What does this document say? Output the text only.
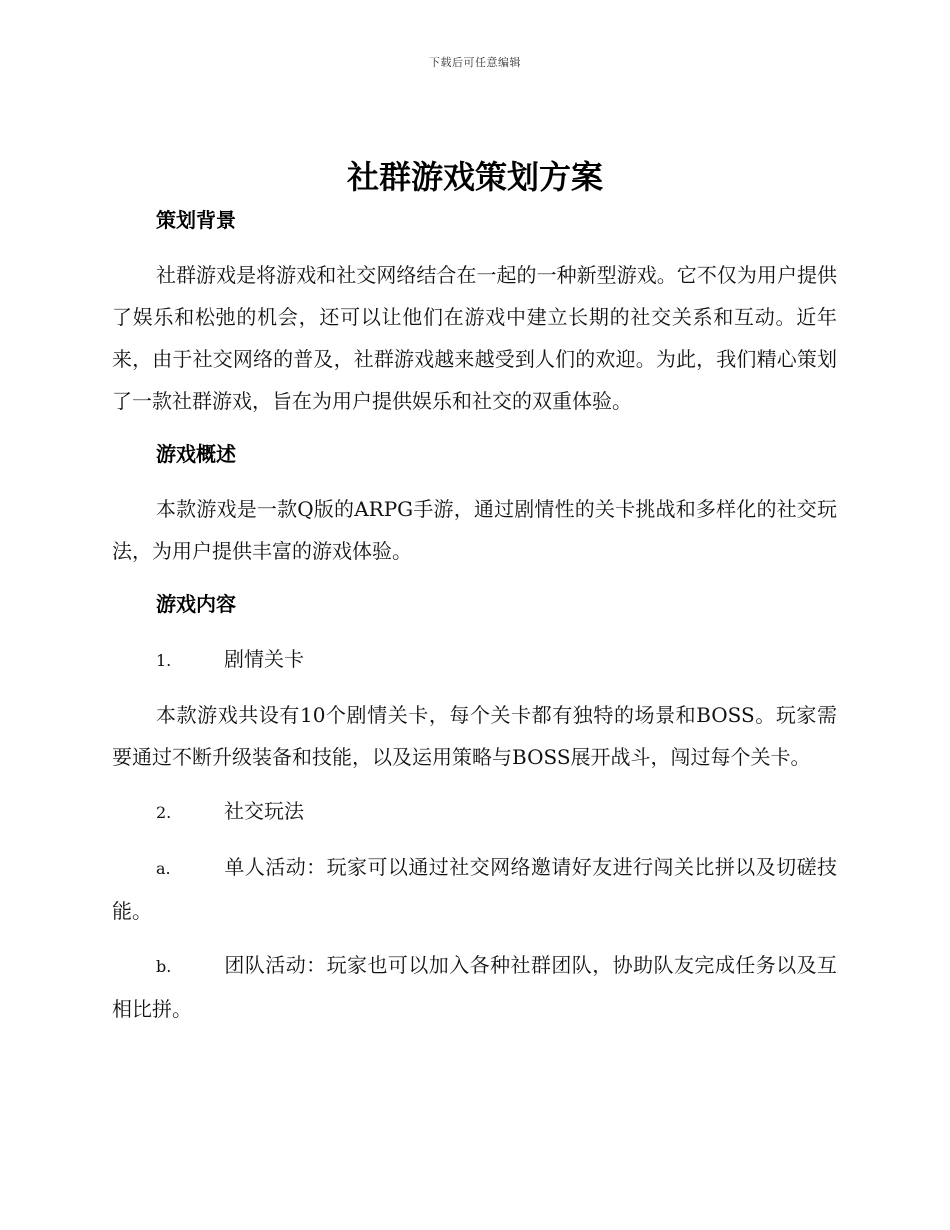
下载后可任意编辑
社群游戏策划方案
策划背景

社群游戏是将游戏和社交网络结合在一起的一种新型游戏。它不仅为用户提供了娱乐和松弛的机会，还可以让他们在游戏中建立长期的社交关系和互动。近年来，由于社交网络的普及，社群游戏越来越受到人们的欢迎。为此，我们精心策划了一款社群游戏，旨在为用户提供娱乐和社交的双重体验。

游戏概述

本款游戏是一款Q版的ARPG手游，通过剧情性的关卡挑战和多样化的社交玩法，为用户提供丰富的游戏体验。

游戏内容
1.	剧情关卡

本款游戏共设有10个剧情关卡，每个关卡都有独特的场景和BOSS。玩家需要通过不断升级装备和技能，以及运用策略与BOSS展开战斗，闯过每个关卡。

2.	社交玩法

a.	单人活动：玩家可以通过社交网络邀请好友进行闯关比拼以及切磋技能。

b.	团队活动：玩家也可以加入各种社群团队，协助队友完成任务以及互相比拼。
